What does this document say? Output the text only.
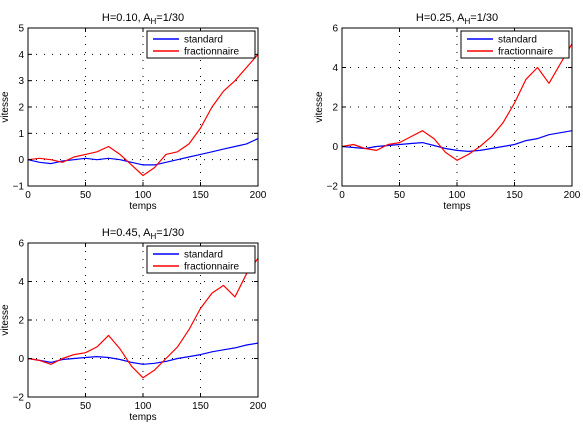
0	50	100	150	200
−1
0
1
2
3
4
5
H=0.10, $A_H=1/30$
temps
vitesse
standard
fractionnaire
0	50	100	150	200
−2
0
2
4
6
H=0.25, $A_H=1/30$
temps
vitesse
standard
fractionnaire
0	50	100	150	200
−2
0
2
4
6
H=0.45, $A_H=1/30$
temps
vitesse
standard
fractionnaire
